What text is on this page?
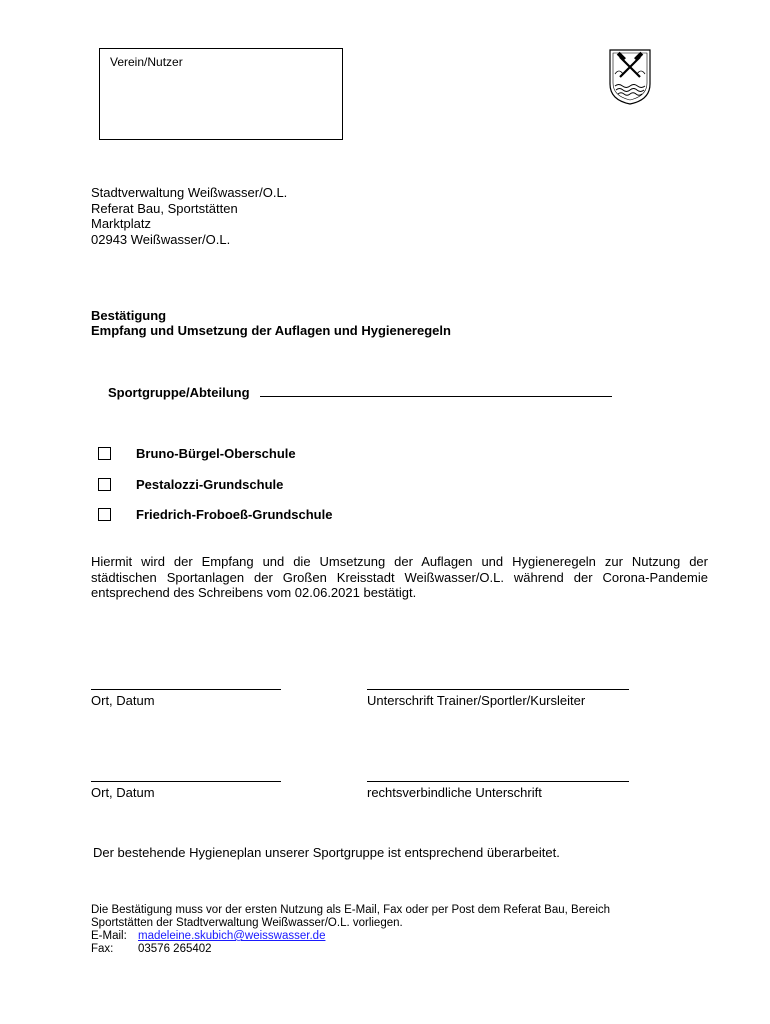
Verein/Nutzer
Stadtverwaltung Weißwasser/O.L.
Referat Bau, Sportstätten
Marktplatz
02943 Weißwasser/O.L.
Bestätigung
Empfang und Umsetzung der Auflagen und Hygieneregeln
Sportgruppe/Abteilung
Bruno-Bürgel-Oberschule
Pestalozzi-Grundschule
Friedrich-Froboeß-Grundschule
Hiermit wird der Empfang und die Umsetzung der Auflagen und Hygieneregeln zur Nutzung der städtischen Sportanlagen der Großen Kreisstadt Weißwasser/O.L. während der Corona-Pandemie entsprechend des Schreibens vom 02.06.2021 bestätigt.
Ort, Datum	Unterschrift Trainer/Sportler/Kursleiter
Ort, Datum	rechtsverbindliche Unterschrift
Der bestehende Hygieneplan unserer Sportgruppe ist entsprechend überarbeitet.
Die Bestätigung muss vor der ersten Nutzung als E-Mail, Fax oder per Post dem Referat Bau, Bereich
Sportstätten der Stadtverwaltung Weißwasser/O.L. vorliegen.
E-Mail: madeleine.skubich@weisswasser.de
Fax: 03576 265402
